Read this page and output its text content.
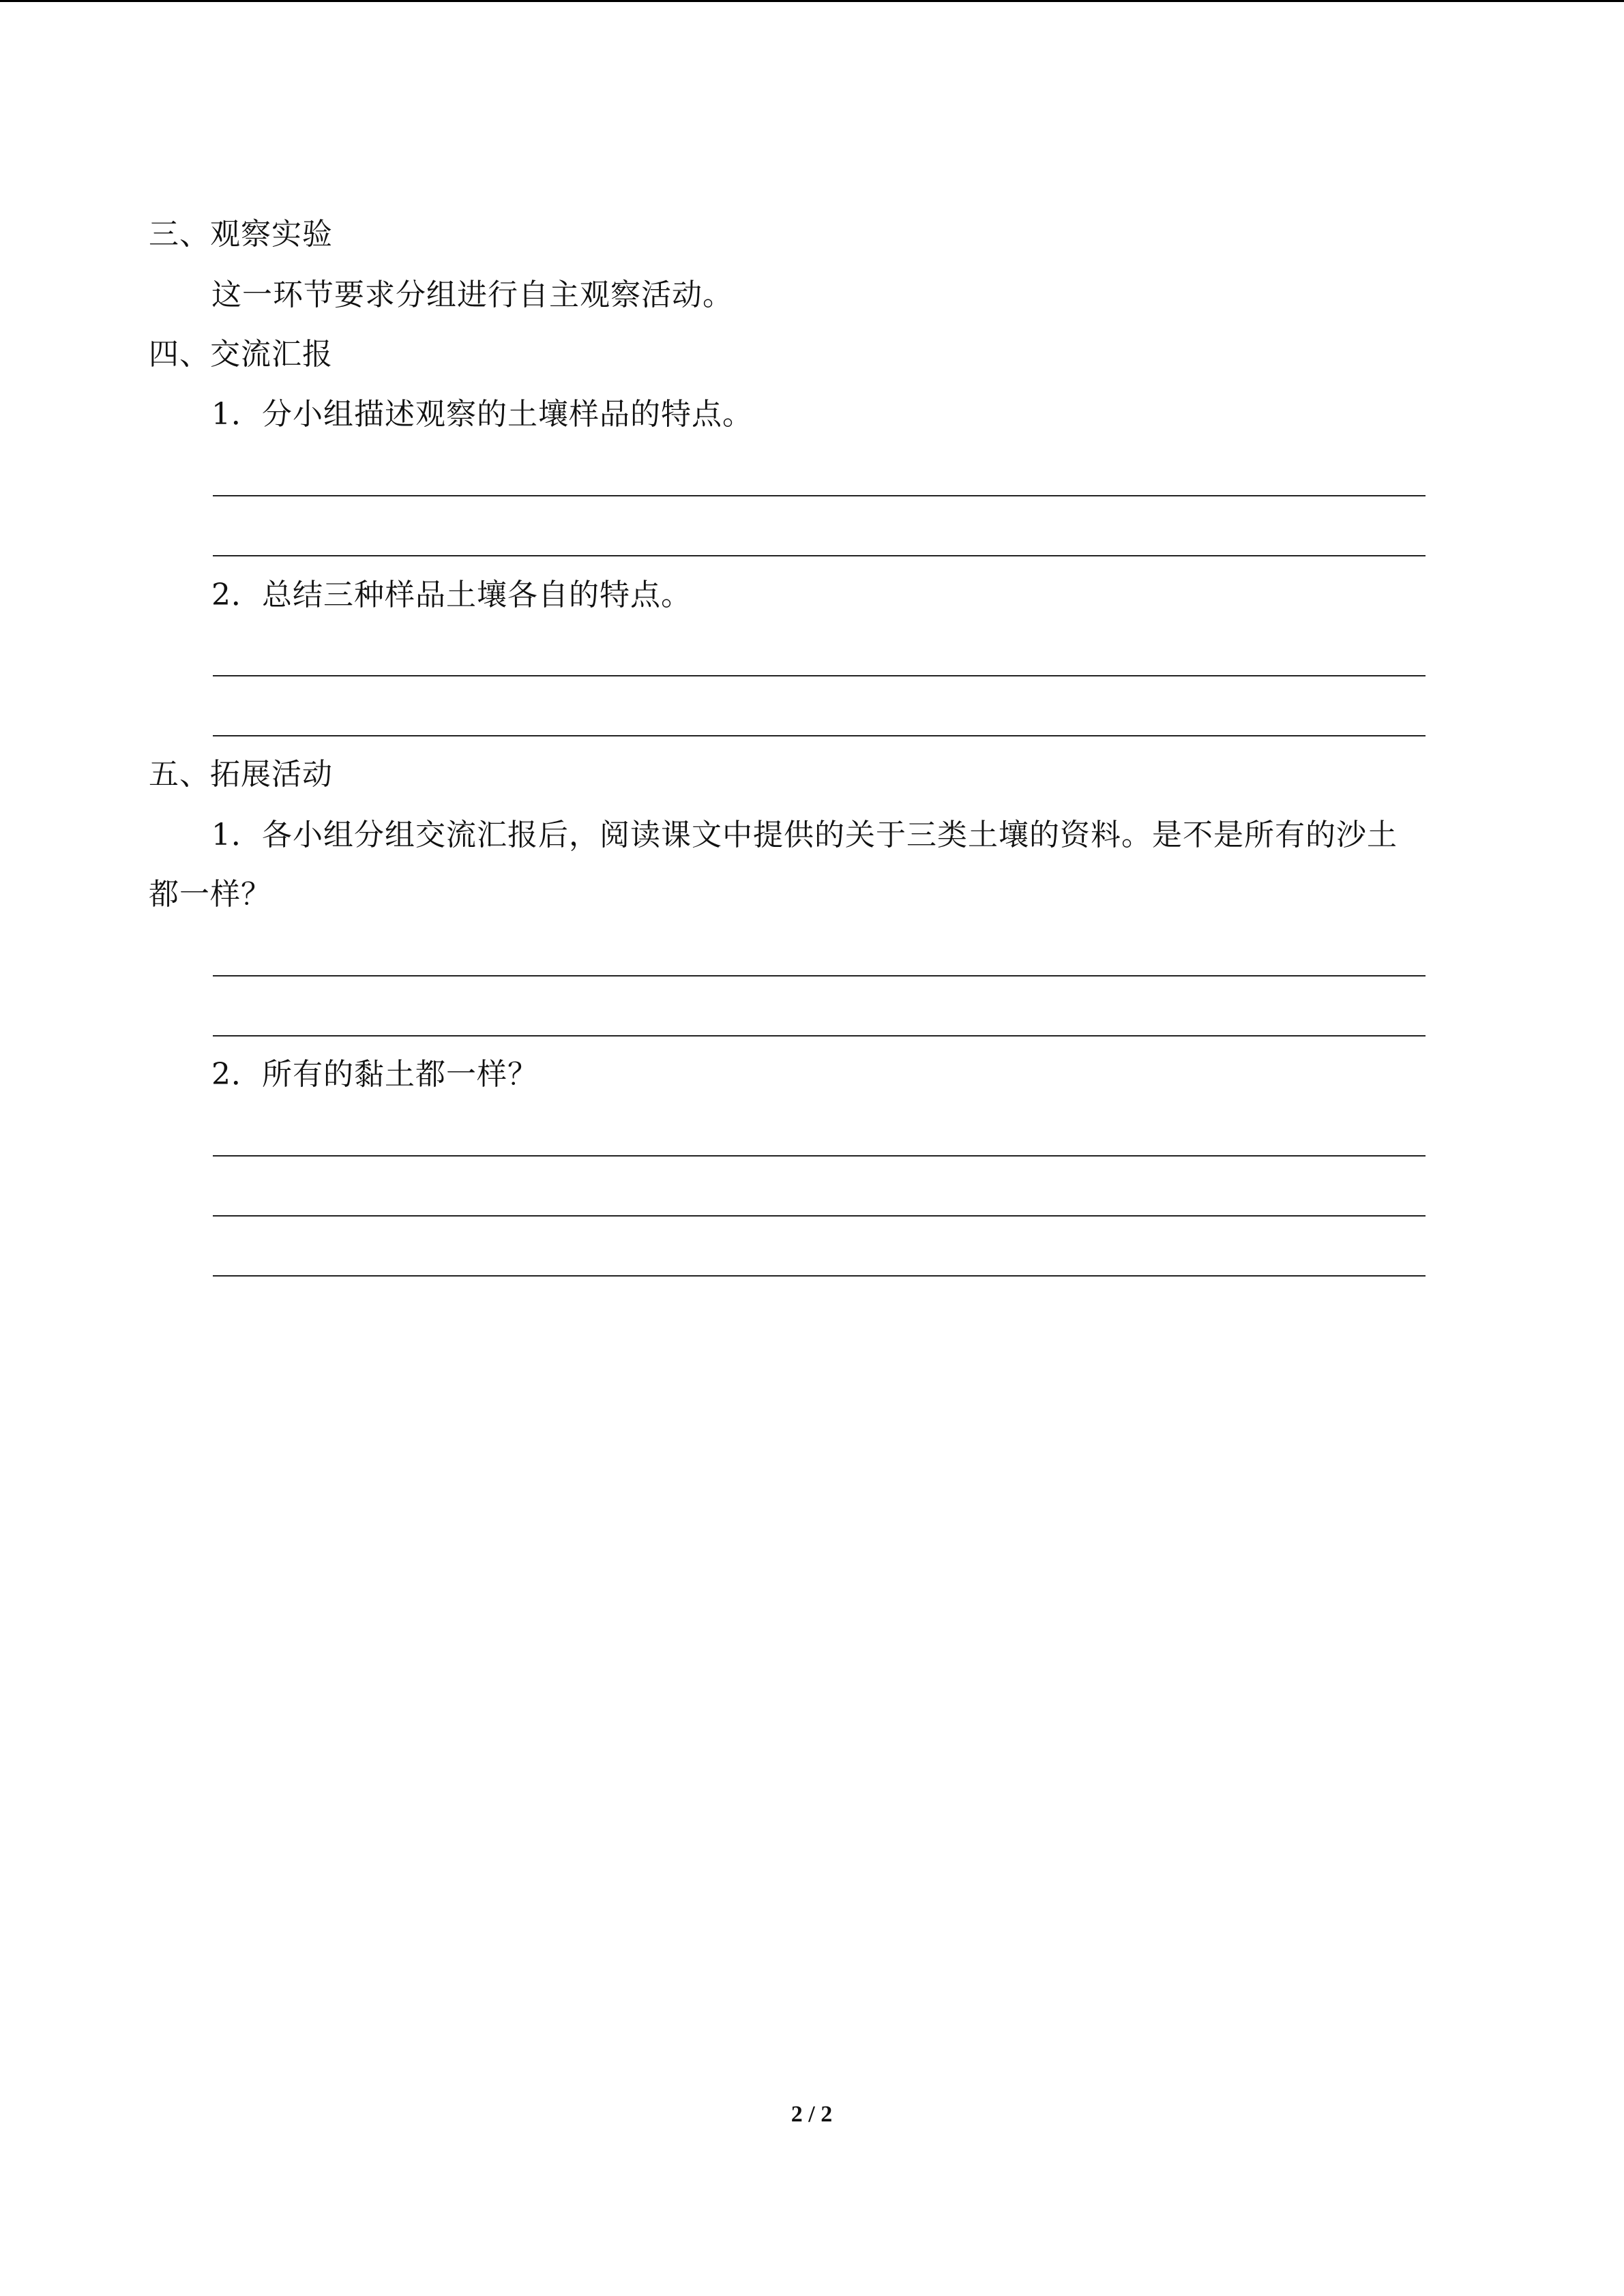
三、观察实验
这一环节要求分组进行自主观察活动。
四、交流汇报
1．分小组描述观察的土壤样品的特点。
2．总结三种样品土壤各自的特点。
五、拓展活动
1．各小组分组交流汇报后，阅读课文中提供的关于三类土壤的资料。是不是所有的沙土
都一样？
2．所有的黏土都一样？
2 / 2
